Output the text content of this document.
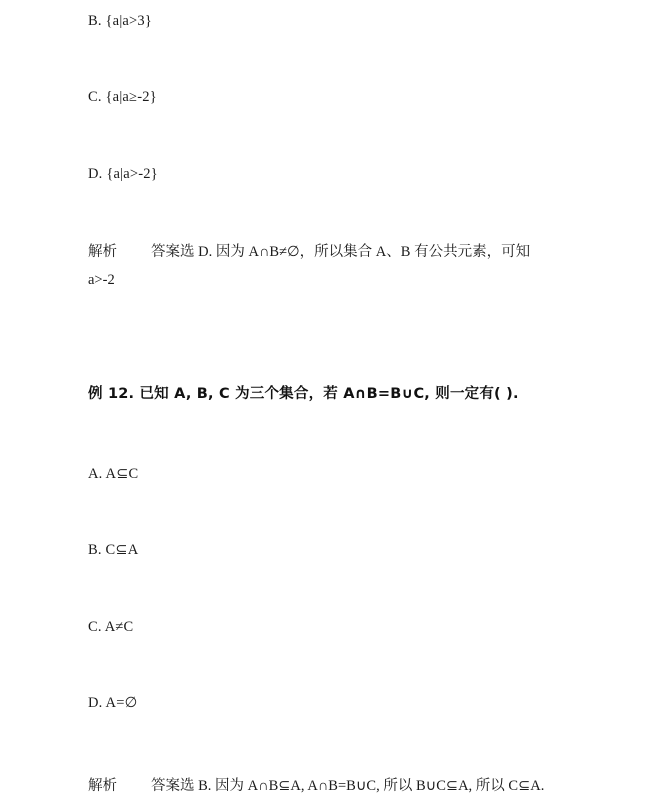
B. {a|a>3}
C. {a|a≥-2}
D. {a|a>-2}
解析 答案选 D. 因为 A∩B≠∅，所以集合 A、B 有公共元素，可知
a>-2
例 12. 已知 A, B, C 为三个集合，若 A∩B=B∪C, 则一定有( ).
A. A⊆C
B. C⊆A
C. A≠C
D. A=∅
解析 答案选 B. 因为 A∩B⊆A, A∩B=B∪C, 所以 B∪C⊆A, 所以 C⊆A.
